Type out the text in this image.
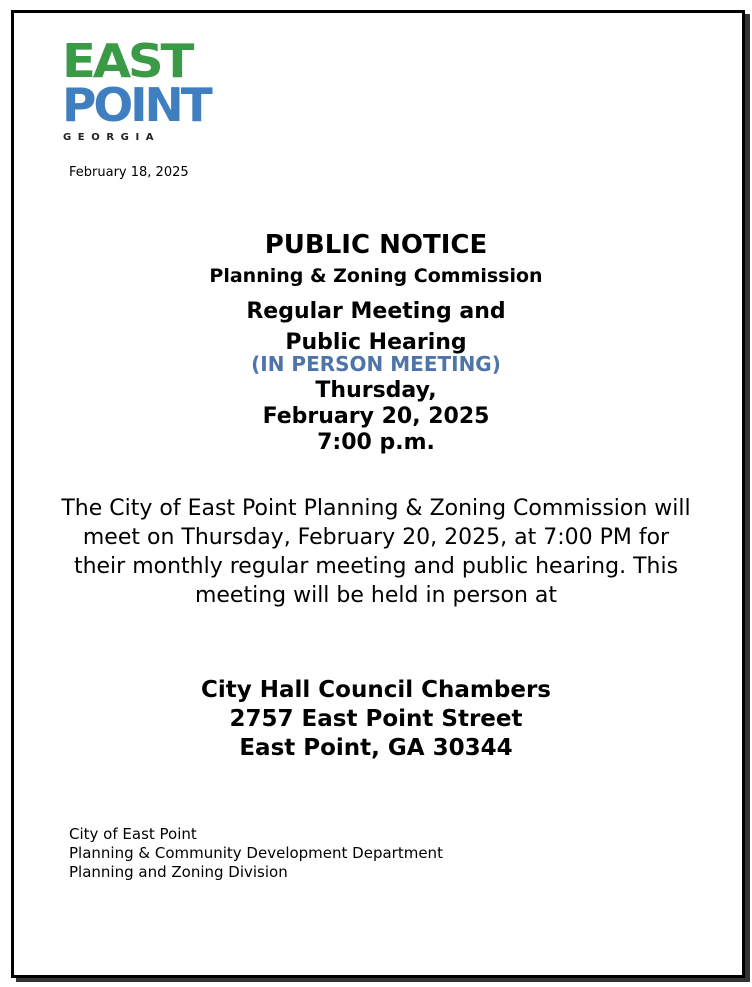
EAST
POINT
GEORGIA
February 18, 2025
PUBLIC NOTICE
Planning & Zoning Commission
Regular Meeting and
Public Hearing
(IN PERSON MEETING)
Thursday,
February 20, 2025
7:00 p.m.
The City of East Point Planning & Zoning Commission will meet on Thursday, February 20, 2025, at 7:00 PM for their monthly regular meeting and public hearing. This meeting will be held in person at
City Hall Council Chambers
2757 East Point Street
East Point, GA 30344
City of East Point
Planning & Community Development Department
Planning and Zoning Division
